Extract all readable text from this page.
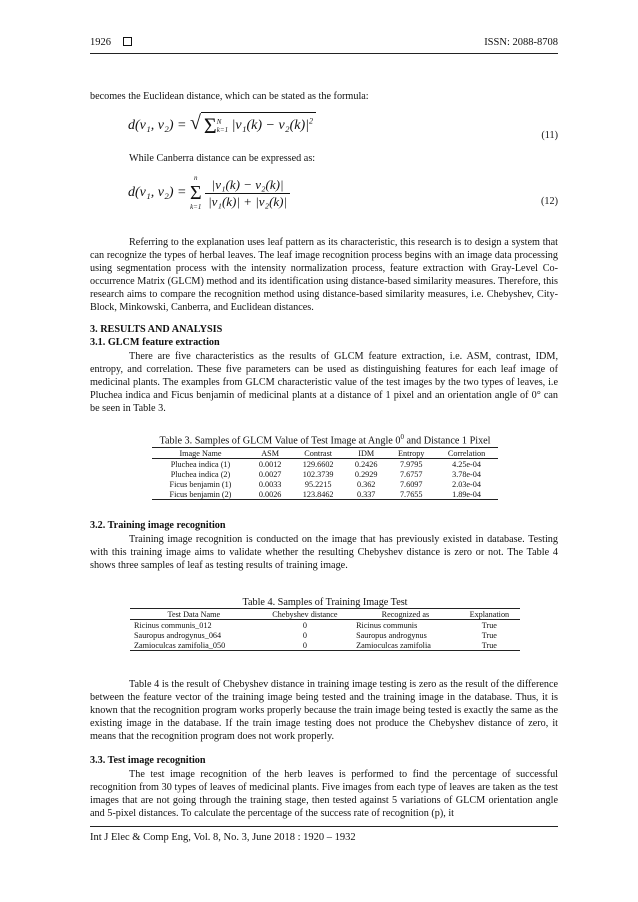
1926	ISSN: 2088-8708

becomes the Euclidean distance, which can be stated as the formula:

d(v₁, v₂) = √ ΣN
k=1 $|v_1(k) - v_2(k)|^2$
(11)

While Canberra distance can be expressed as:

d(v₁, v₂) = n
Σ
$k=1 \frac{\text{|v₁(k) − v₂(k)|}}{\text{|v₁(k)| + |v₂(k)|}}$	(12)

Referring to the explanation uses leaf pattern as its characteristic, this research is to design a system that can recognize the types of herbal leaves. The leaf image recognition process begins with an image data processing using segmentation process with the intensity normalization process, feature extraction with Gray-Level Co-occurrence Matrix (GLCM) method and its identification using distance-based similarity measures. Therefore, this research aims to compare the recognition method using distance-based similarity measures, i.e. Chebyshev, City-Block, Minkowski, Canberra, and Euclidean distances.

3. RESULTS AND ANALYSIS
3.1. GLCM feature extraction

There are five characteristics as the results of GLCM feature extraction, i.e. ASM, contrast, IDM, entropy, and correlation. These five parameters can be used as distinguishing features for each leaf image of medicinal plants. The examples from GLCM characteristic value of the test images by the two types of leaves, i.e Pluchea indica and Ficus benjamin of medicinal plants at a distance of 1 pixel and an orientation angle of 0° can be seen in Table 3.

Table 3. Samples of GLCM Value of Test Image at Angle $0^0$ and Distance 1 Pixel
Image Name	ASM	Contrast	IDM	Entropy	Correlation
Pluchea indica (1)	0.0012	129.6602	0.2426	7.9795	4.25e-04
Pluchea indica (2)	0.0027	102.3739	0.2929	7.6757	3.78e-04
Ficus benjamin (1)	0.0033	95.2215	0.362	7.6097	2.03e-04
Ficus benjamin (2)	0.0026	123.8462	0.337	7.7655	1.89e-04
3.2. Training image recognition

Training image recognition is conducted on the image that has previously existed in database. Testing with this training image aims to validate whether the resulting Chebyshev distance is zero or not. The Table 4 shows three samples of leaf as testing results of training image.

Table 4. Samples of Training Image Test
Test Data Name	Chebyshev distance	Recognized as	Explanation
Ricinus communis_012	0	Ricinus communis	True
Sauropus androgynus_064	0	Sauropus androgynus	True
Zamioculcas zamifolia_050	0	Zamioculcas zamifolia	True

Table 4 is the result of Chebyshev distance in training image testing is zero as the result of the difference between the feature vector of the training image being tested and the training image in the database. Thus, it is known that the recognition program works properly because the train image being tested is exactly the same as the existing image in the database. If the train image testing does not produce the Chebyshev distance of zero, it means that the recognition program does not work properly.

3.3. Test image recognition

The test image recognition of the herb leaves is performed to find the percentage of successful recognition from 30 types of leaves of medicinal plants. Five images from each type of leaves are taken as the test images that are not going through the training stage, then tested against 5 variations of GLCM orientation angle and 5-pixel distances. To calculate the percentage of the success rate of recognition (p), it

Int J Elec & Comp Eng, Vol. 8, No. 3, June 2018 : 1920 – 1932
